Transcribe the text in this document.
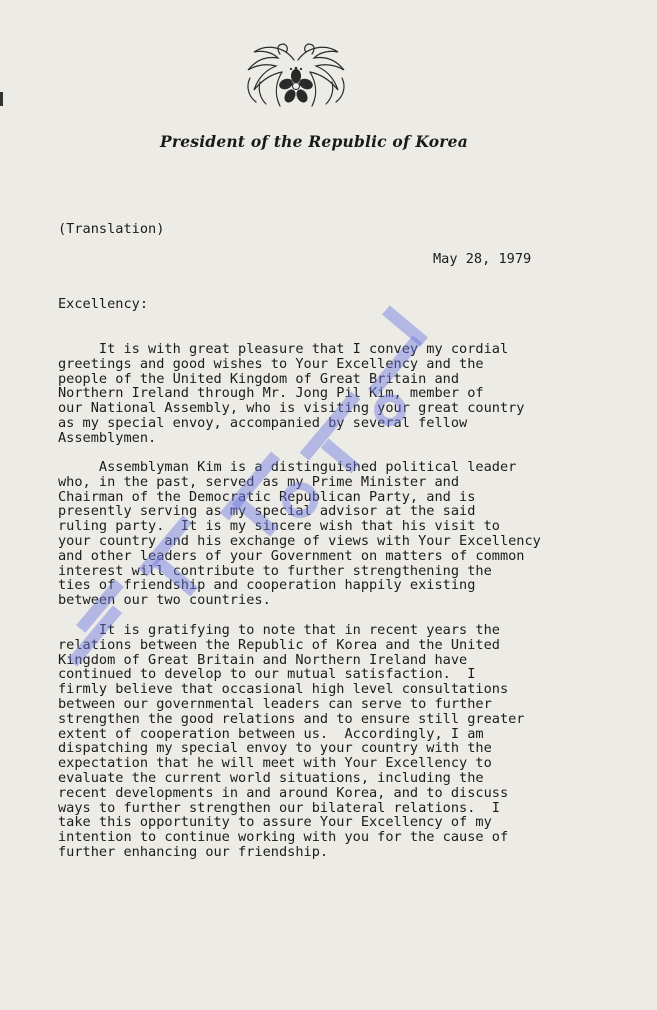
President of the Republic of Korea
(Translation)
May 28, 1979
Excellency:
It is with great pleasure that I convey my cordial
greetings and good wishes to Your Excellency and the
people of the United Kingdom of Great Britain and
Northern Ireland through Mr. Jong Pil Kim, member of
our National Assembly, who is visiting your great country
as my special envoy, accompanied by several fellow
Assemblymen.
Assemblyman Kim is a distinguished political leader
who, in the past, served as my Prime Minister and
Chairman of the Democratic Republican Party, and is
presently serving as my special advisor at the said
ruling party.  It is my sincere wish that his visit to
your country and his exchange of views with Your Excellency
and other leaders of your Government on matters of common
interest will contribute to further strengthening the
ties of friendship and cooperation happily existing
between our two countries.
It is gratifying to note that in recent years the
relations between the Republic of Korea and the United
Kingdom of Great Britain and Northern Ireland have
continued to develop to our mutual satisfaction.  I
firmly believe that occasional high level consultations
between our governmental leaders can serve to further
strengthen the good relations and to ensure still greater
extent of cooperation between us.  Accordingly, I am
dispatching my special envoy to your country with the
expectation that he will meet with Your Excellency to
evaluate the current world situations, including the
recent developments in and around Korea, and to discuss
ways to further strengthen our bilateral relations.  I
take this opportunity to assure Your Excellency of my
intention to continue working with you for the cause of
further enhancing our friendship.
